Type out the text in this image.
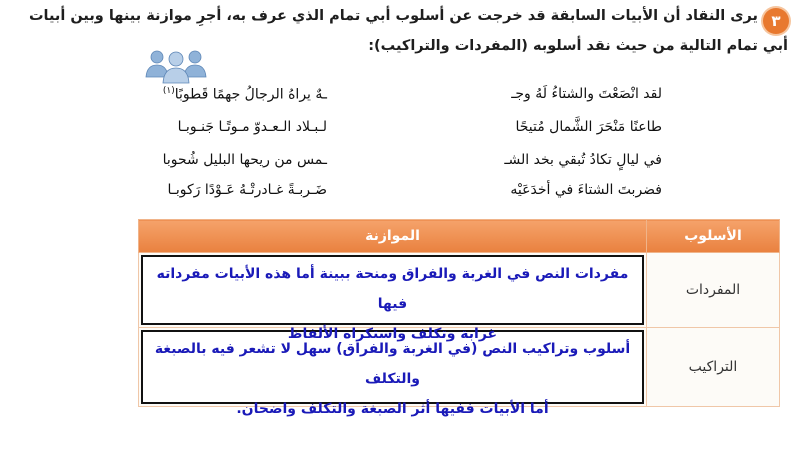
٣
يرى النقاد أن الأبيات السابقة قد خرجت عن أسلوب أبي تمام الذي عرف به، أجرِ موازنة بينها وبين أبيات
أبي تمام التالية من حيث نقد أسلوبه (المفردات والتراكيب):
لقد انْصَعْتَ والشتاءُ لَهُ وجـ
ـهٌ يراهُ الرجالُ جهمًا قَطوبًا$^{(١)}$
طاعنًا مَنْحَرَ الشَّمال مُتيحًا
لـبـلاد الـعـدوّ مـوتًـا جَنـوبـا
في ليالٍ تكادُ تُبقي بخد الشـ
ـمس من ريحها البليل شُحوبا
فضربتَ الشتاءَ في أخدَعَيْه
ضَـربـةً غـادرتْـهُ عَـوْدًا رَكوبـا
الأسلوب	الموازنة
المفردات	مفردات النص في الغربة والفراق ومنحة ببينة أما هذه الأبيات مفرداته فيها
غرابة وتكلف واستكراه الألفاظ

التراكيب	أسلوب وتراكيب النص (في الغربة والفراق) سهل لا تشعر فيه بالصبغة والتكلف
أما الأبيات ففيها أثر الصبغة والتكلف واضحان.
